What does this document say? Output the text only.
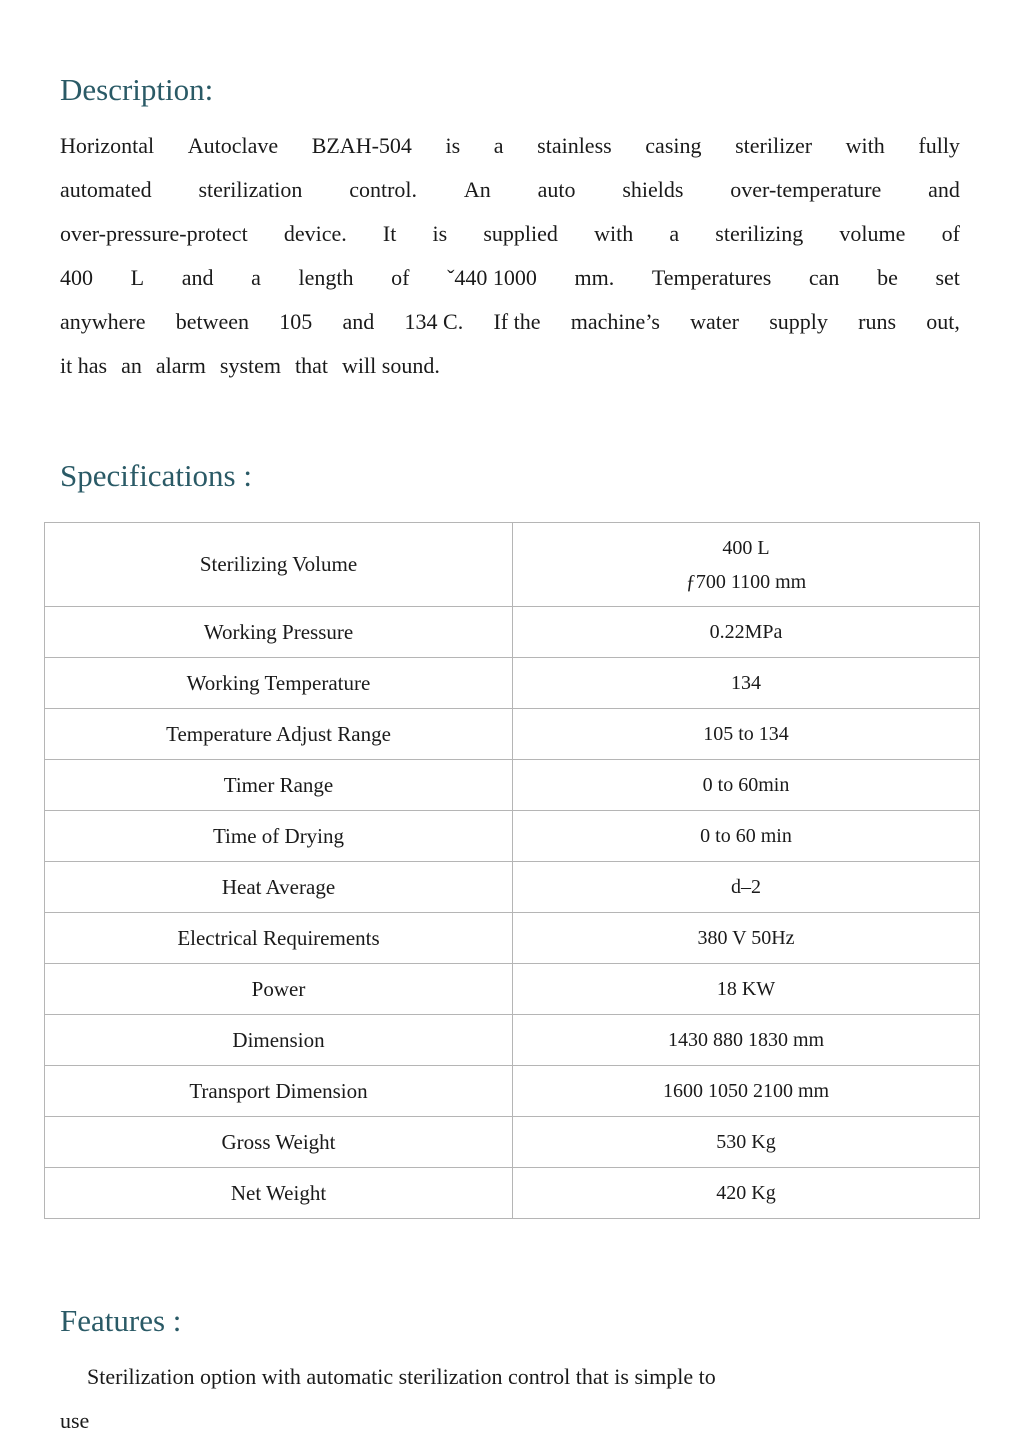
Description:
Horizontal Autoclave BZAH-504 is a stainless casing sterilizer with fully
automated sterilization control. An auto shields over-temperature and
over-pressure-protect device. It is supplied with a sterilizing volume of
400 L and a length of ˇ440 1000 mm. Temperatures can be set
anywhere between 105 and 134 C. If the machine’s water supply runs out,
it has an alarm system that will sound.
Specifications :
Sterilizing Volume	400 L
ƒ700 1100 mm

Working Pressure	0.22MPa

Working Temperature	134

Temperature Adjust Range	105 to 134

Timer Range	0 to 60min

Time of Drying	0 to 60 min

Heat Average	d–2

Electrical Requirements	380 V 50Hz

Power	18 KW

Dimension	1430 880 1830 mm

Transport Dimension	1600 1050 2100 mm

Gross Weight	530 Kg

Net Weight	420 Kg
Features :
Sterilization option with automatic sterilization control that is simple to
use
